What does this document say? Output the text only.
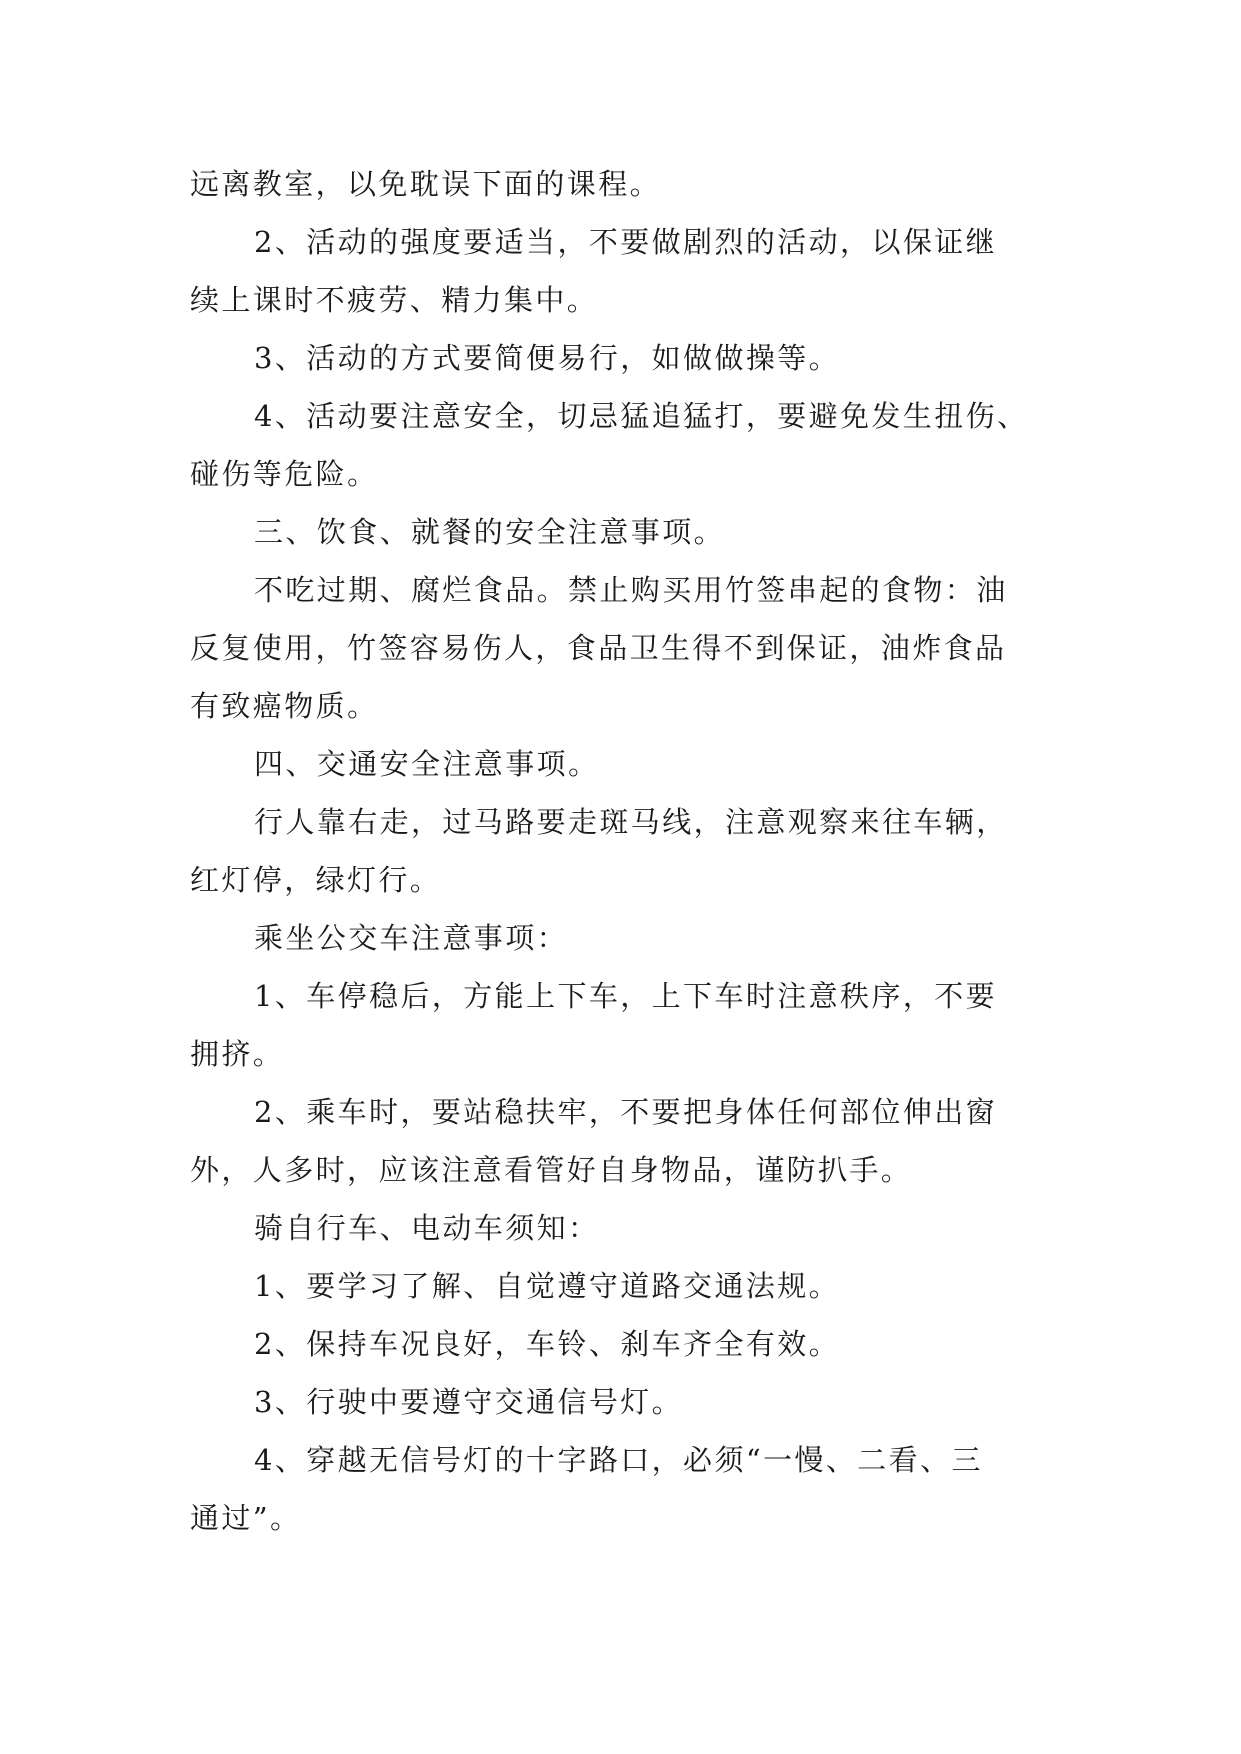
远离教室，以免耽误下面的课程。
2、活动的强度要适当，不要做剧烈的活动，以保证继
续上课时不疲劳、精力集中。
3、活动的方式要简便易行，如做做操等。
4、活动要注意安全，切忌猛追猛打，要避免发生扭伤、
碰伤等危险。
三、饮食、就餐的安全注意事项。
不吃过期、腐烂食品。禁止购买用竹签串起的食物：油
反复使用，竹签容易伤人，食品卫生得不到保证，油炸食品
有致癌物质。
四、交通安全注意事项。
行人靠右走，过马路要走斑马线，注意观察来往车辆，
红灯停，绿灯行。
乘坐公交车注意事项：
1、车停稳后，方能上下车，上下车时注意秩序，不要
拥挤。
2、乘车时，要站稳扶牢，不要把身体任何部位伸出窗
外，人多时，应该注意看管好自身物品，谨防扒手。
骑自行车、电动车须知：
1、要学习了解、自觉遵守道路交通法规。
2、保持车况良好，车铃、刹车齐全有效。
3、行驶中要遵守交通信号灯。
4、穿越无信号灯的十字路口，必须“一慢、二看、三
通过”。
